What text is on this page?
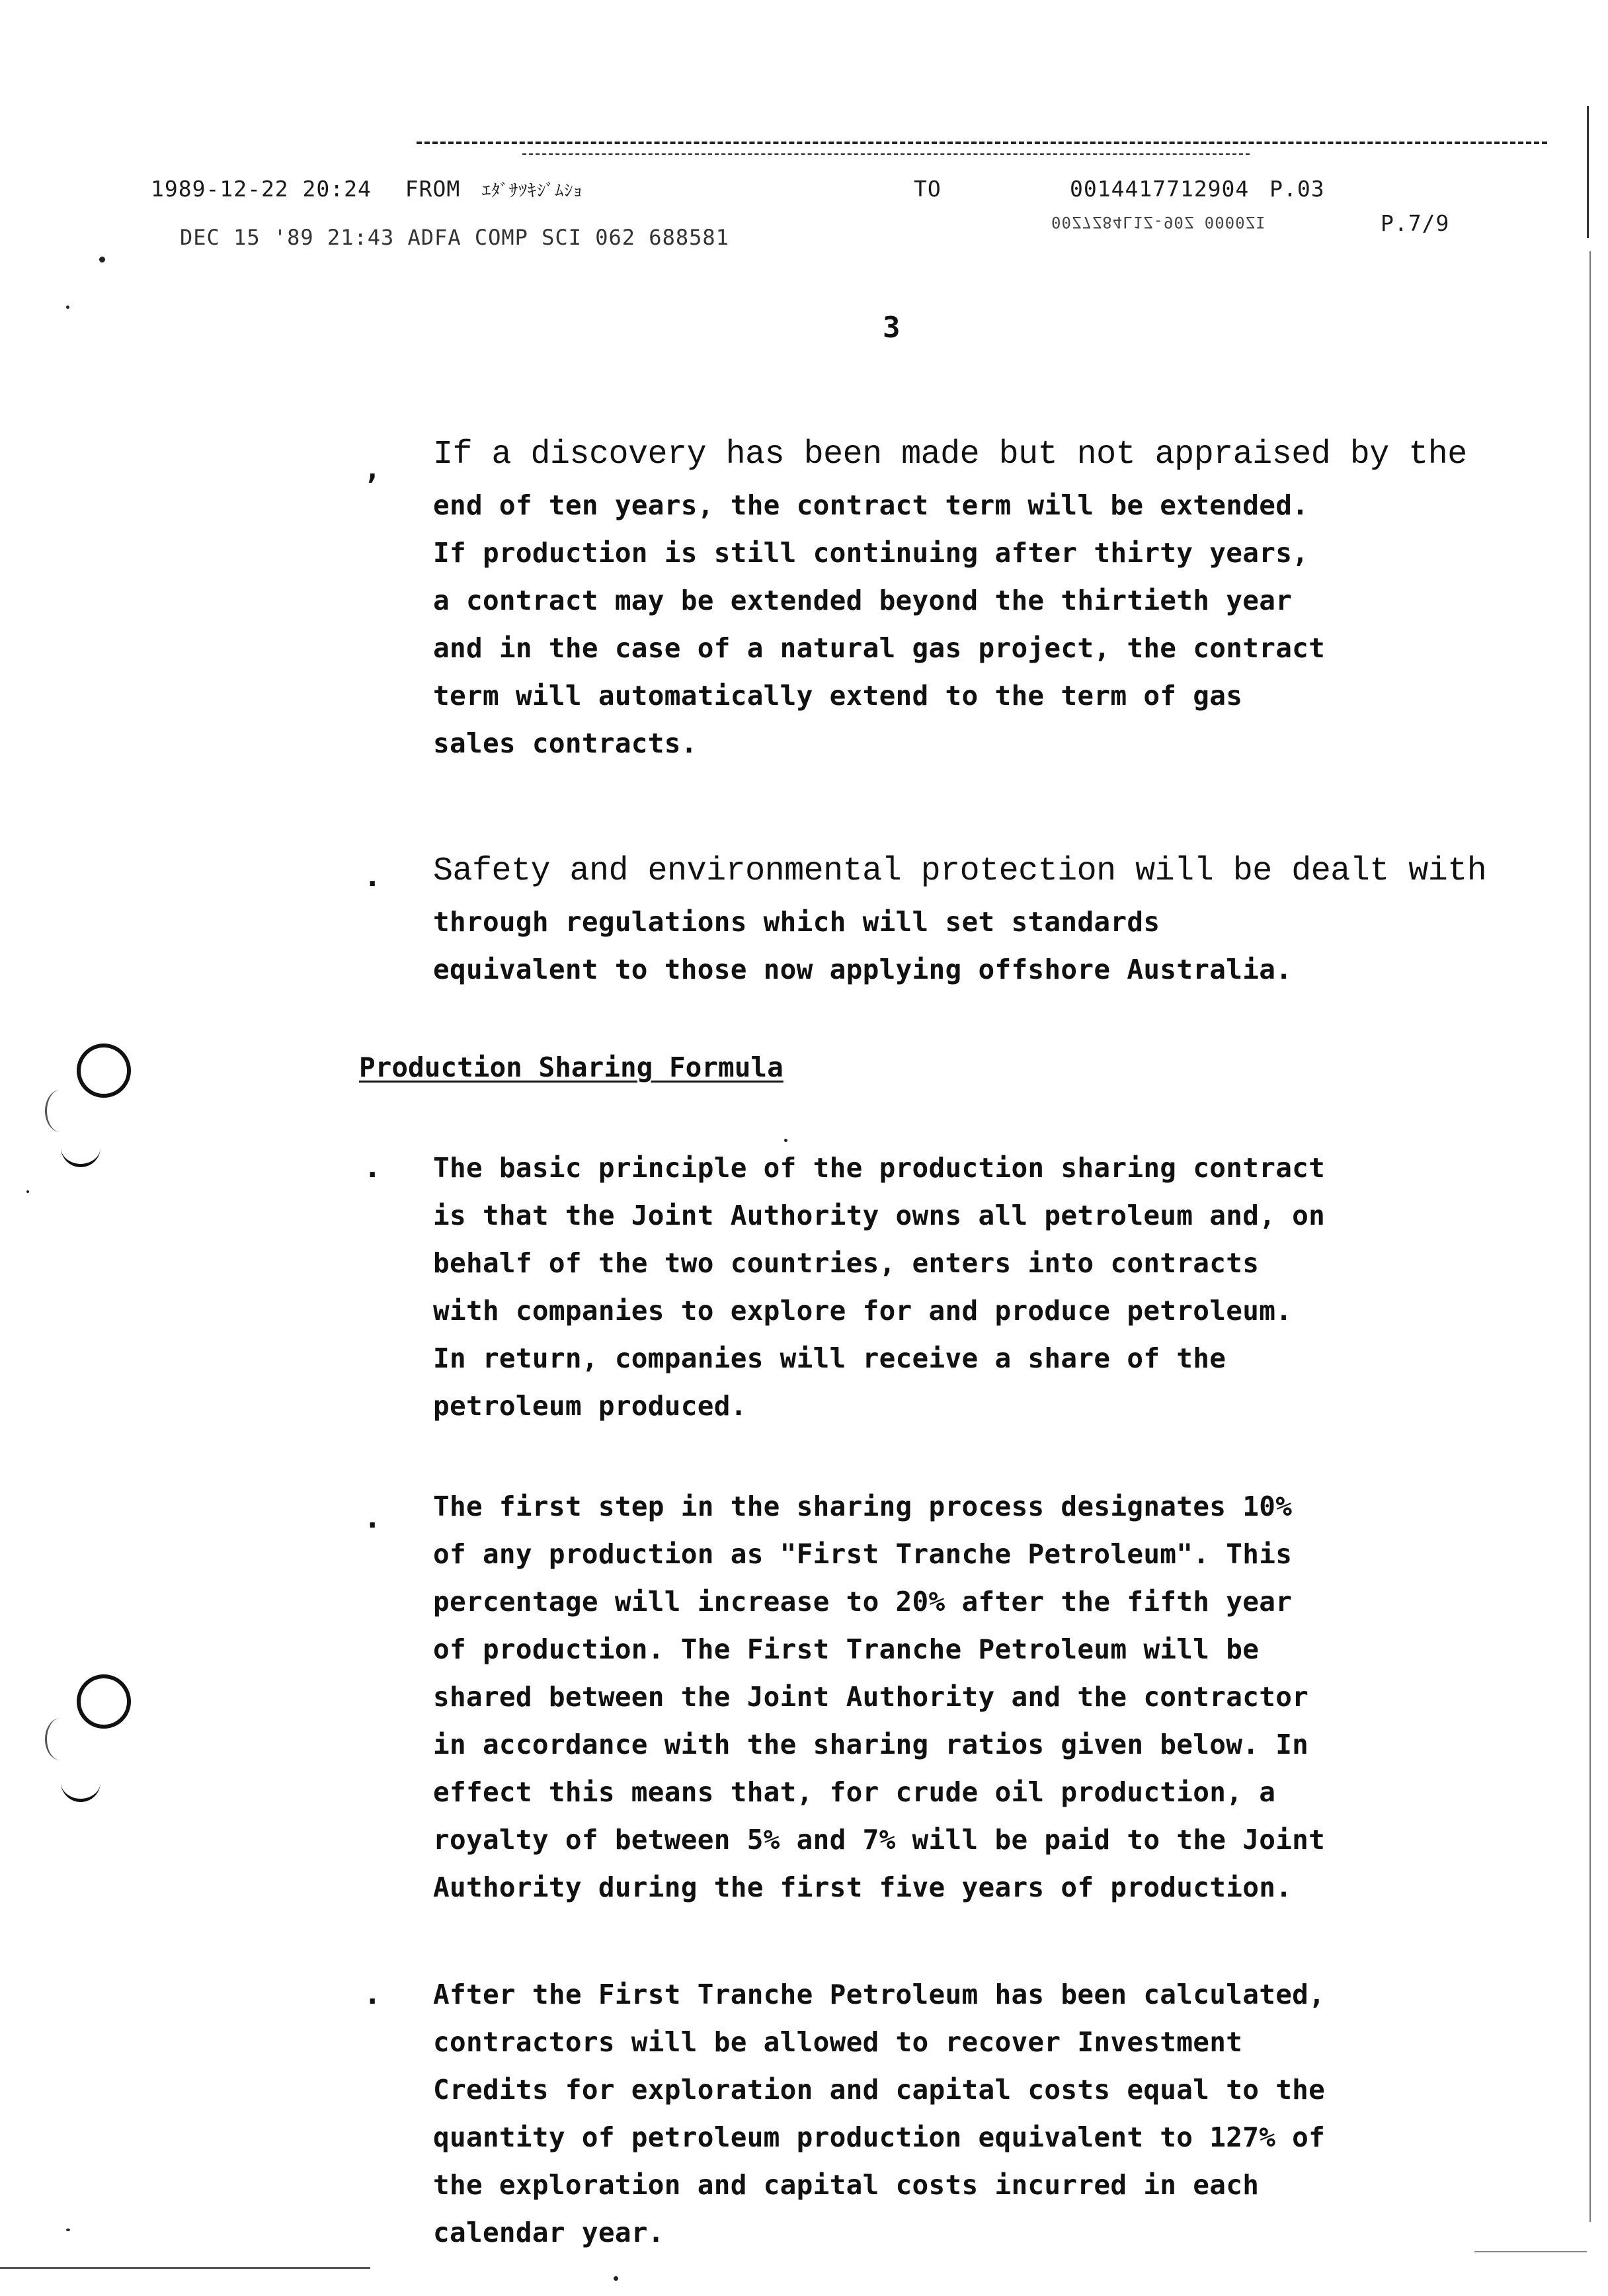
1989-12-22 20:24 FROM ｴﾀﾞｻﾂｷｼﾞﾑｼｮ	TO	0014417712904 P.03
DEC 15 '89 21:43 ADFA COMP SCI 062 688581
00Z7Z84L1Z-90Z 0000ZI	P.7/9
3
, If a discovery has been made but not appraised by the
end of ten years, the contract term will be extended.
If production is still continuing after thirty years,
a contract may be extended beyond the thirtieth year
and in the case of a natural gas project, the contract
term will automatically extend to the term of gas
sales contracts.
. Safety and environmental protection will be dealt with
through regulations which will set standards
equivalent to those now applying offshore Australia.
Production Sharing Formula
. The basic principle of the production sharing contract
is that the Joint Authority owns all petroleum and, on
behalf of the two countries, enters into contracts
with companies to explore for and produce petroleum.
In return, companies will receive a share of the
petroleum produced.
. The first step in the sharing process designates 10%
of any production as "First Tranche Petroleum". This
percentage will increase to 20% after the fifth year
of production. The First Tranche Petroleum will be
shared between the Joint Authority and the contractor
in accordance with the sharing ratios given below. In
effect this means that, for crude oil production, a
royalty of between 5% and 7% will be paid to the Joint
Authority during the first five years of production.
. After the First Tranche Petroleum has been calculated,
contractors will be allowed to recover Investment
Credits for exploration and capital costs equal to the
quantity of petroleum production equivalent to 127% of
the exploration and capital costs incurred in each
calendar year.
